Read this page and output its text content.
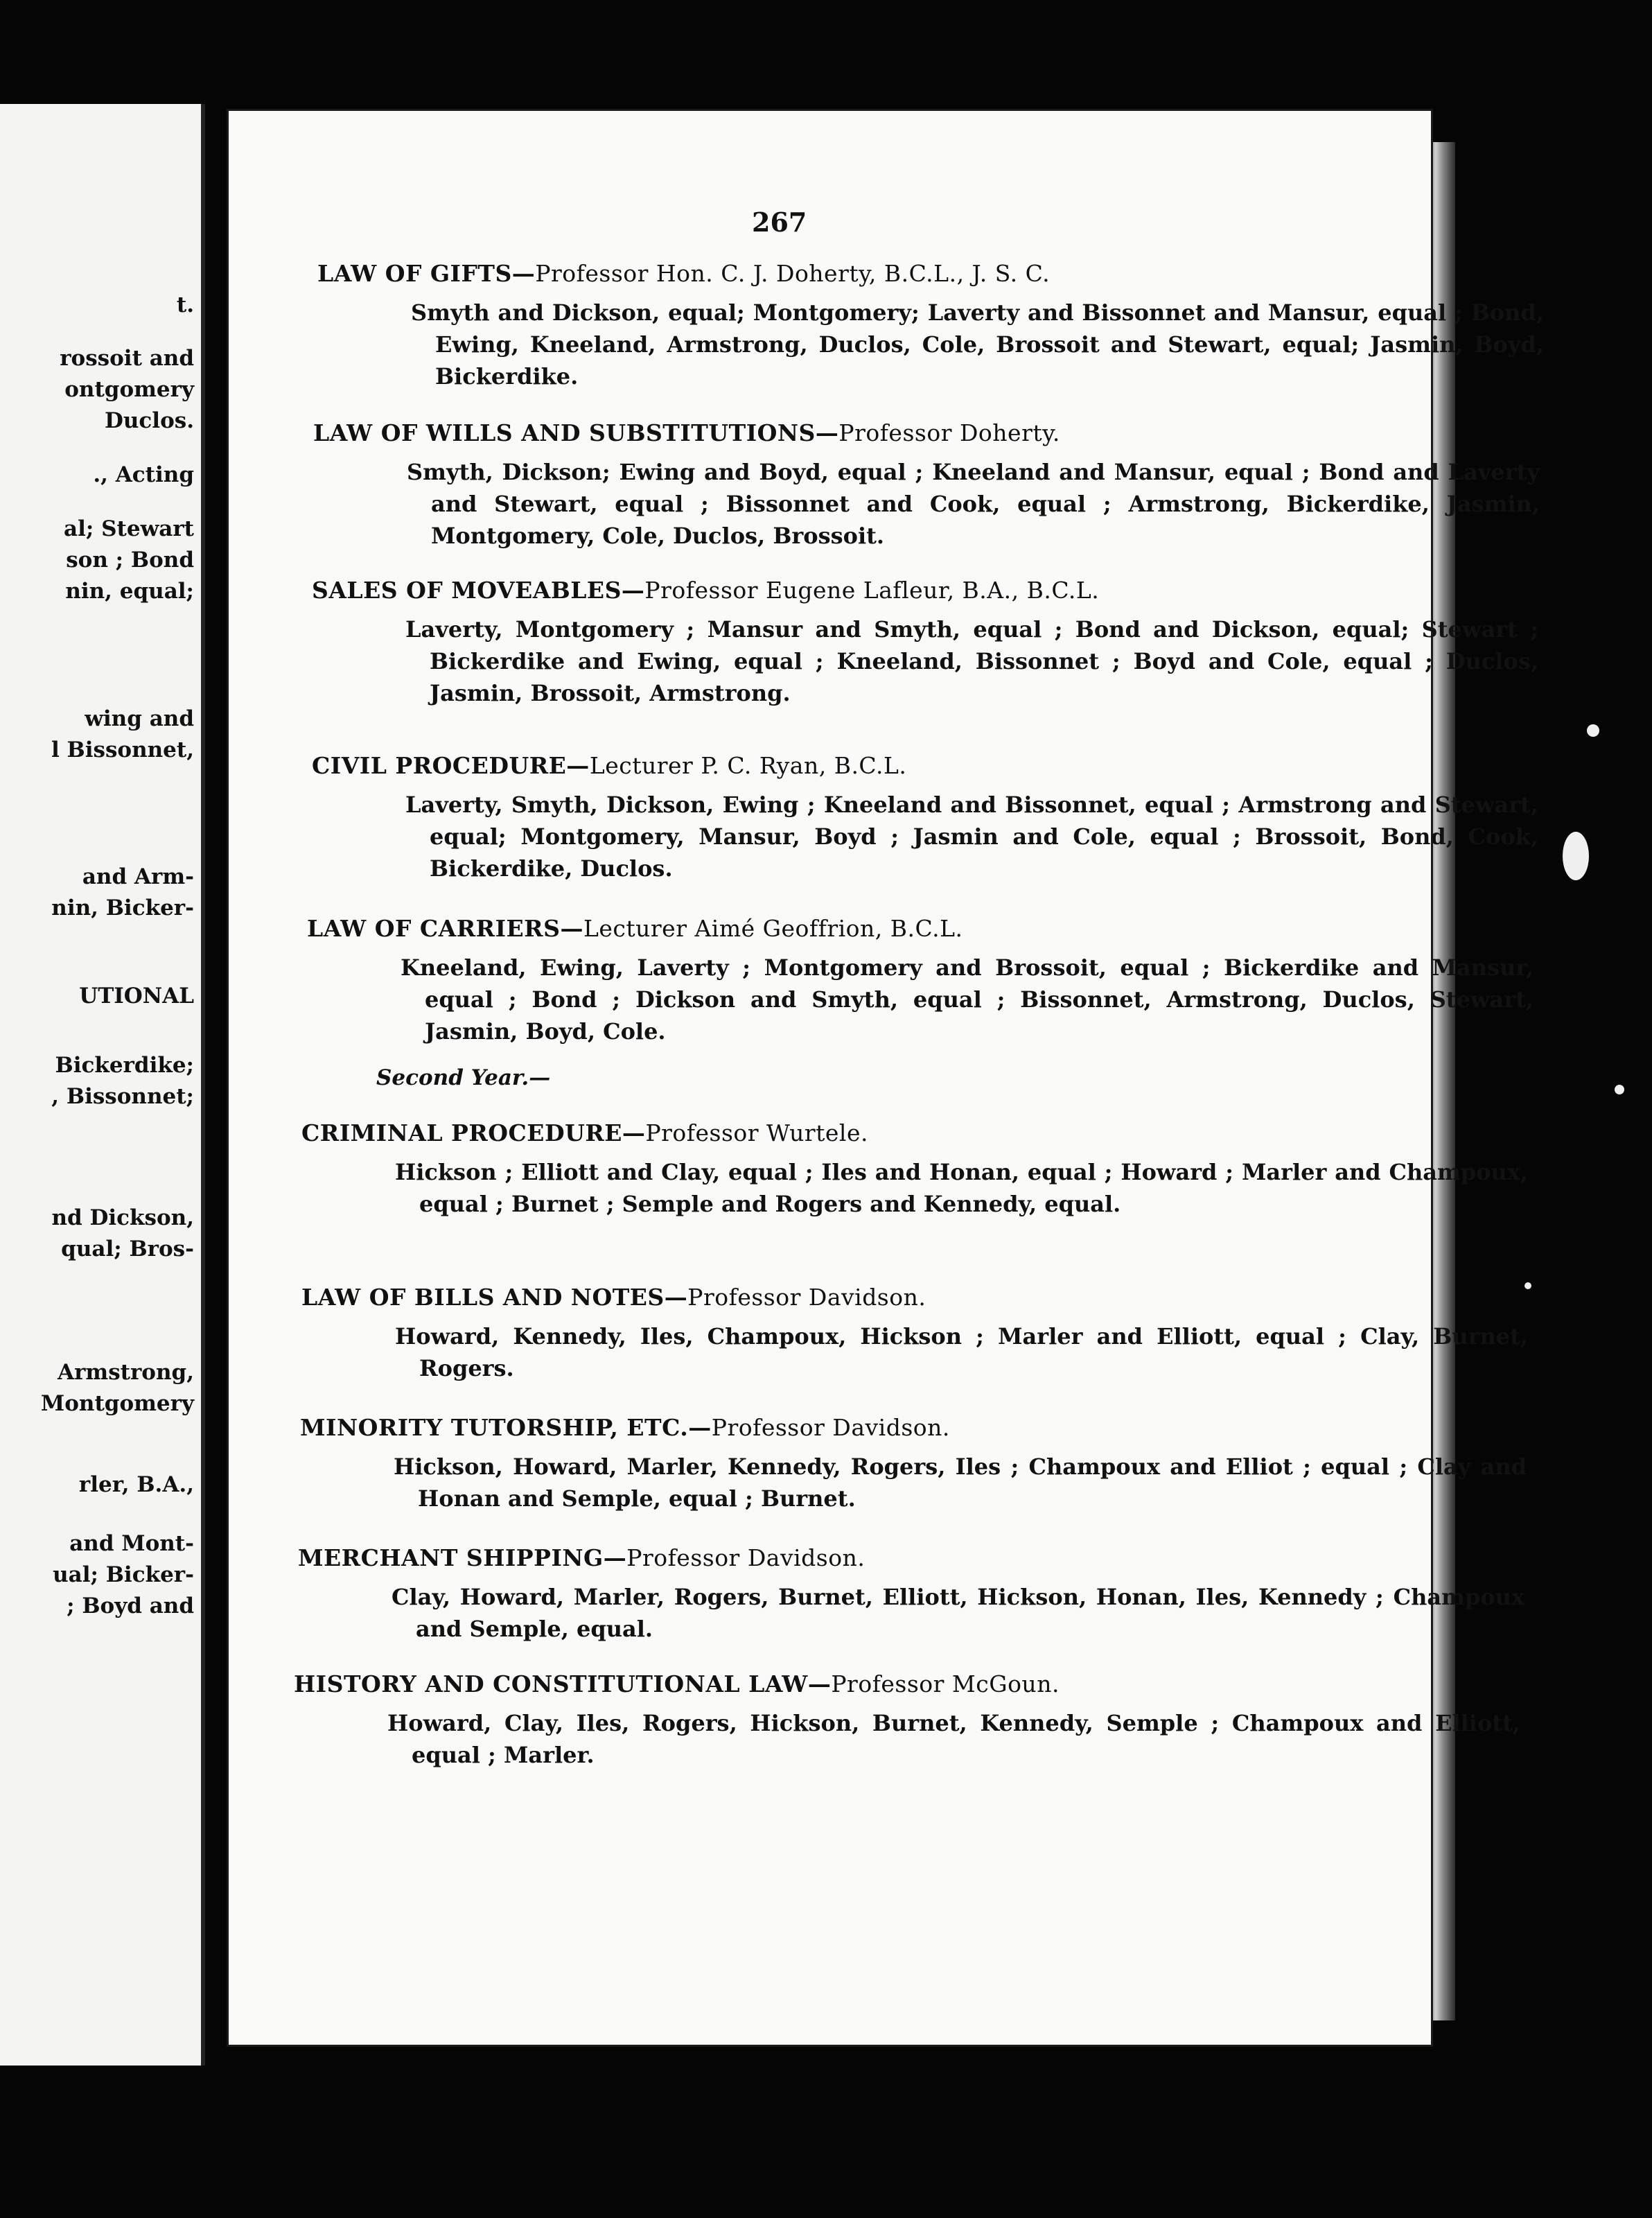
t.
rossoit and
ontgomery
Duclos.
., Acting
al; Stewart
son ; Bond
nin, equal;
wing and
l Bissonnet,
and Arm-
nin, Bicker-
UTIONAL
Bickerdike;
, Bissonnet;
nd Dickson,
qual; Bros-
Armstrong,
Montgomery
rler, B.A.,
and Mont-
ual; Bicker-
; Boyd and
267
LAW OF GIFTS—Professor Hon. C. J. Doherty, B.C.L., J. S. C.
Smyth and Dickson, equal; Montgomery; Laverty and Bissonnet and Mansur, equal ; Bond, Ewing, Kneeland, Armstrong, Duclos, Cole, Brossoit and Stewart, equal; Jasmin, Boyd, Bickerdike.
LAW OF WILLS AND SUBSTITUTIONS—Professor Doherty.
Smyth, Dickson; Ewing and Boyd, equal ; Kneeland and Mansur, equal ; Bond and Laverty and Stewart, equal ; Bissonnet and Cook, equal ; Armstrong, Bickerdike, Jasmin, Montgomery, Cole, Duclos, Brossoit.
SALES OF MOVEABLES—Professor Eugene Lafleur, B.A., B.C.L.
Laverty, Montgomery ; Mansur and Smyth, equal ; Bond and Dickson, equal; Stewart ; Bickerdike and Ewing, equal ; Kneeland, Bissonnet ; Boyd and Cole, equal ; Duclos, Jasmin, Brossoit, Armstrong.
CIVIL PROCEDURE—Lecturer P. C. Ryan, B.C.L.
Laverty, Smyth, Dickson, Ewing ; Kneeland and Bissonnet, equal ; Armstrong and Stewart, equal; Montgomery, Mansur, Boyd ; Jasmin and Cole, equal ; Brossoit, Bond, Cook, Bickerdike, Duclos.
LAW OF CARRIERS—Lecturer Aimé Geoffrion, B.C.L.
Kneeland, Ewing, Laverty ; Montgomery and Brossoit, equal ; Bickerdike and Mansur, equal ; Bond ; Dickson and Smyth, equal ; Bissonnet, Armstrong, Duclos, Stewart, Jasmin, Boyd, Cole.
Second Year.—
CRIMINAL PROCEDURE—Professor Wurtele.
Hickson ; Elliott and Clay, equal ; Iles and Honan, equal ; Howard ; Marler and Champoux, equal ; Burnet ; Semple and Rogers and Kennedy, equal.
LAW OF BILLS AND NOTES—Professor Davidson.
Howard, Kennedy, Iles, Champoux, Hickson ; Marler and Elliott, equal ; Clay, Burnet, Rogers.
MINORITY TUTORSHIP, ETC.—Professor Davidson.
Hickson, Howard, Marler, Kennedy, Rogers, Iles ; Champoux and Elliot ; equal ; Clay and Honan and Semple, equal ; Burnet.
MERCHANT SHIPPING—Professor Davidson.
Clay, Howard, Marler, Rogers, Burnet, Elliott, Hickson, Honan, Iles, Kennedy ; Champoux and Semple, equal.
HISTORY AND CONSTITUTIONAL LAW—Professor McGoun.
Howard, Clay, Iles, Rogers, Hickson, Burnet, Kennedy, Semple ; Champoux and Elliott, equal ; Marler.
